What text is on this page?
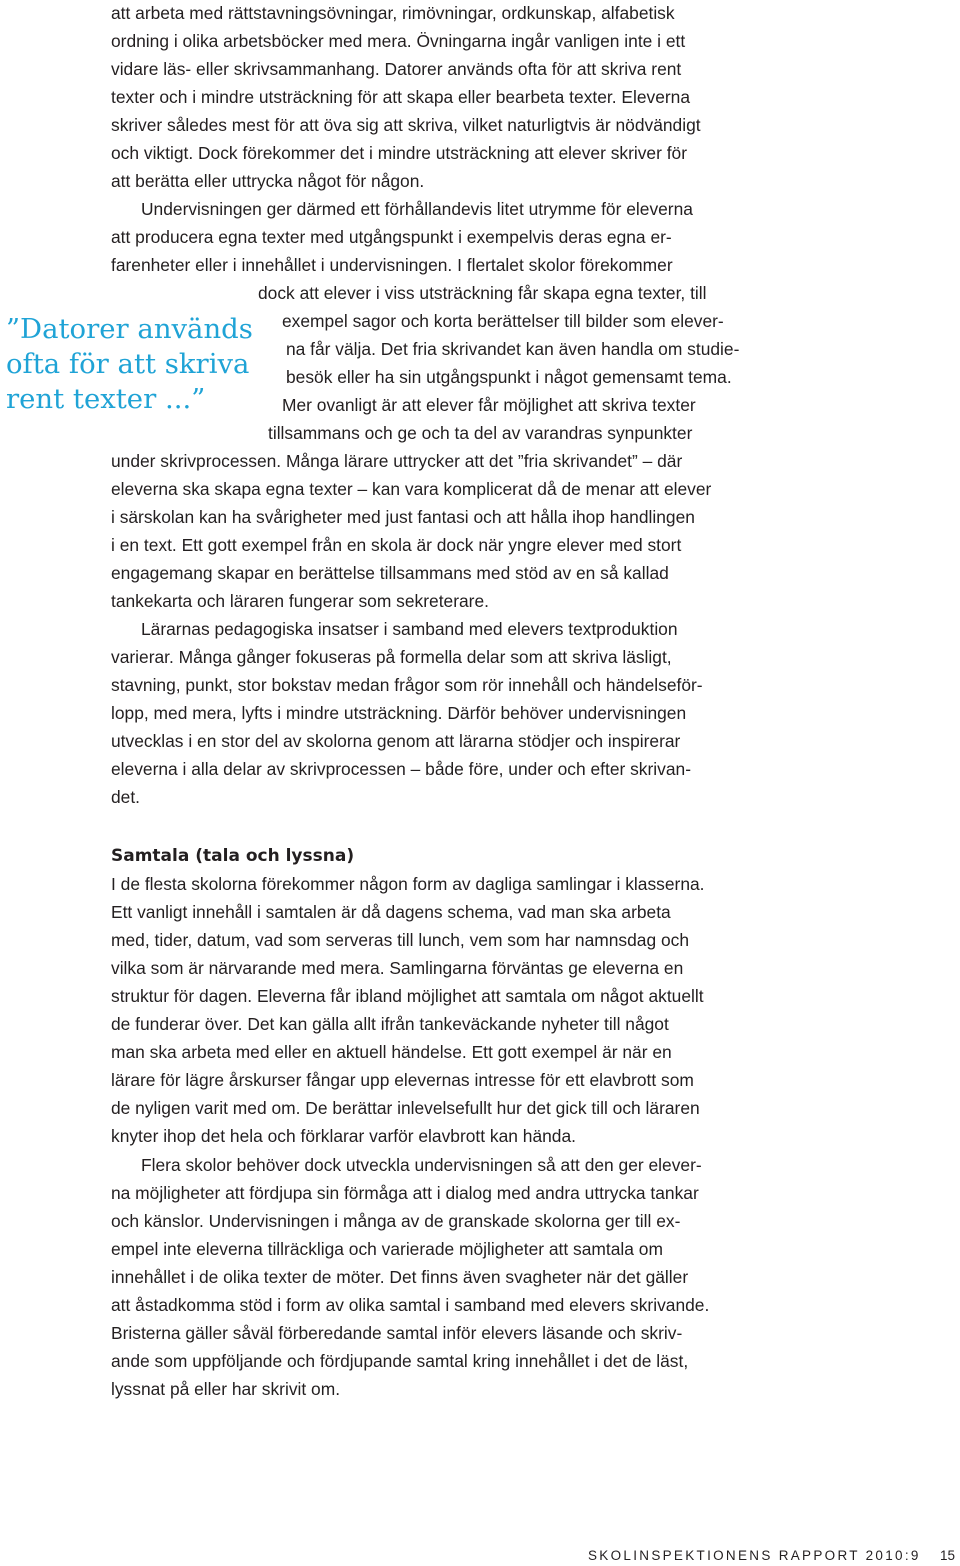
att arbeta med rättstavningsövningar, rimövningar, ordkunskap, alfabetisk
ordning i olika arbetsböcker med mera. Övningarna ingår vanligen inte i ett
vidare läs- eller skrivsammanhang. Datorer används ofta för att skriva rent
texter och i mindre utsträckning för att skapa eller bearbeta texter. Eleverna
skriver således mest för att öva sig att skriva, vilket naturligtvis är nödvändigt
och viktigt. Dock förekommer det i mindre utsträckning att elever skriver för
att berätta eller uttrycka något för någon.
Undervisningen ger därmed ett förhållandevis litet utrymme för eleverna
att producera egna texter med utgångspunkt i exempelvis deras egna er-
farenheter eller i innehållet i undervisningen. I flertalet skolor förekommer
dock att elever i viss utsträckning får skapa egna texter, till
exempel sagor och korta berättelser till bilder som elever-
na får välja. Det fria skrivandet kan även handla om studie-
besök eller ha sin utgångspunkt i något gemensamt tema.
Mer ovanligt är att elever får möjlighet att skriva texter
tillsammans och ge och ta del av varandras synpunkter
under skrivprocessen. Många lärare uttrycker att det ”fria skrivandet” – där
eleverna ska skapa egna texter – kan vara komplicerat då de menar att elever
i särskolan kan ha svårigheter med just fantasi och att hålla ihop handlingen
i en text. Ett gott exempel från en skola är dock när yngre elever med stort
engagemang skapar en berättelse tillsammans med stöd av en så kallad
tankekarta och läraren fungerar som sekreterare.
Lärarnas pedagogiska insatser i samband med elevers textproduktion
varierar. Många gånger fokuseras på formella delar som att skriva läsligt,
stavning, punkt, stor bokstav medan frågor som rör innehåll och händelseför-
lopp, med mera, lyfts i mindre utsträckning. Därför behöver undervisningen
utvecklas i en stor del av skolorna genom att lärarna stödjer och inspirerar
eleverna i alla delar av skrivprocessen – både före, under och efter skrivan-
det.
”Datorer används
ofta för att skriva
rent texter ...”
Samtala (tala och lyssna)
I de flesta skolorna förekommer någon form av dagliga samlingar i klasserna.
Ett vanligt innehåll i samtalen är då dagens schema, vad man ska arbeta
med, tider, datum, vad som serveras till lunch, vem som har namnsdag och
vilka som är närvarande med mera. Samlingarna förväntas ge eleverna en
struktur för dagen. Eleverna får ibland möjlighet att samtala om något aktuellt
de funderar över. Det kan gälla allt ifrån tankeväckande nyheter till något
man ska arbeta med eller en aktuell händelse. Ett gott exempel är när en
lärare för lägre årskurser fångar upp elevernas intresse för ett elavbrott som
de nyligen varit med om. De berättar inlevelsefullt hur det gick till och läraren
knyter ihop det hela och förklarar varför elavbrott kan hända.
Flera skolor behöver dock utveckla undervisningen så att den ger elever-
na möjligheter att fördjupa sin förmåga att i dialog med andra uttrycka tankar
och känslor. Undervisningen i många av de granskade skolorna ger till ex-
empel inte eleverna tillräckliga och varierade möjligheter att samtala om
innehållet i de olika texter de möter. Det finns även svagheter när det gäller
att åstadkomma stöd i form av olika samtal i samband med elevers skrivande.
Bristerna gäller såväl förberedande samtal inför elevers läsande och skriv-
ande som uppföljande och fördjupande samtal kring innehållet i det de läst,
lyssnat på eller har skrivit om.
SKOLINSPEKTIONENS RAPPORT 2010:9	15
